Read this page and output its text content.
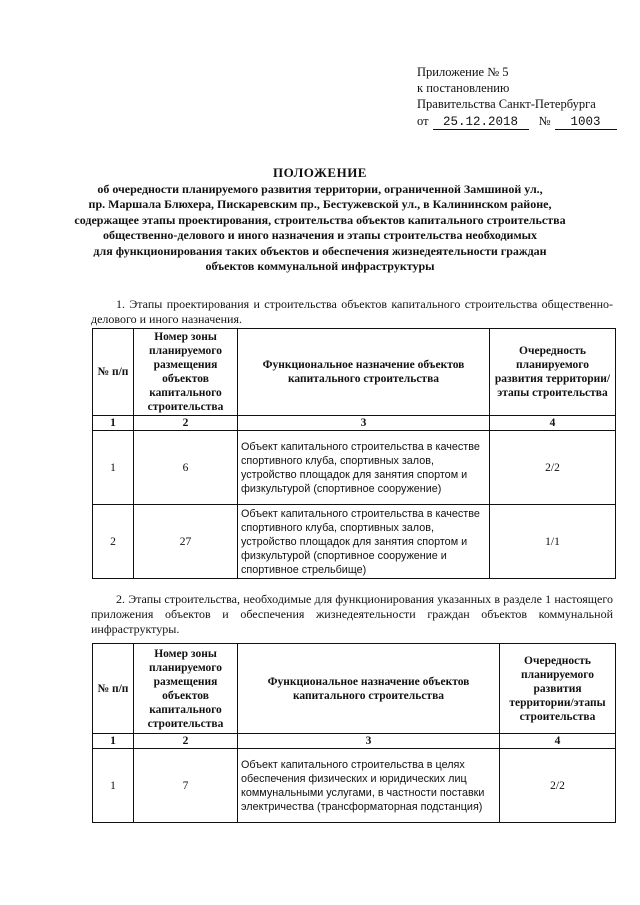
Приложение № 5
к постановлению
Правительства Санкт-Петербурга
от 25.12.2018 № 1003
ПОЛОЖЕНИЕ
об очередности планируемого развития территории, ограниченной Замшиной ул.,
пр. Маршала Блюхера, Пискаревским пр., Бестужевской ул., в Калининском районе,
содержащее этапы проектирования, строительства объектов капитального строительства
общественно-делового и иного назначения и этапы строительства необходимых
для функционирования таких объектов и обеспечения жизнедеятельности граждан
объектов коммунальной инфраструктуры
1. Этапы проектирования и строительства объектов капитального строительства общественно-делового и иного назначения.
№ п/п	Номер зоны планируемого размещения объектов капитального строительства	Функциональное назначение объектов капитального строительства	Очередность планируемого развития территории/ этапы строительства
1	2	3	4
1	6	Объект капитального строительства в качестве спортивного клуба, спортивных залов, устройство площадок для занятия спортом и физкультурой (спортивное сооружение)	2/2
2	27	Объект капитального строительства в качестве спортивного клуба, спортивных залов, устройство площадок для занятия спортом и физкультурой (спортивное сооружение и спортивное стрельбище)	1/1
2. Этапы строительства, необходимые для функционирования указанных в разделе 1 настоящего приложения объектов и обеспечения жизнедеятельности граждан объектов коммунальной инфраструктуры.
№ п/п	Номер зоны планируемого размещения объектов капитального строительства	Функциональное назначение объектов капитального строительства	Очередность планируемого развития территории/этапы строительства
1	2	3	4
1	7	Объект капитального строительства в целях обеспечения физических и юридических лиц коммунальными услугами, в частности поставки электричества (трансформаторная подстанция)	2/2
